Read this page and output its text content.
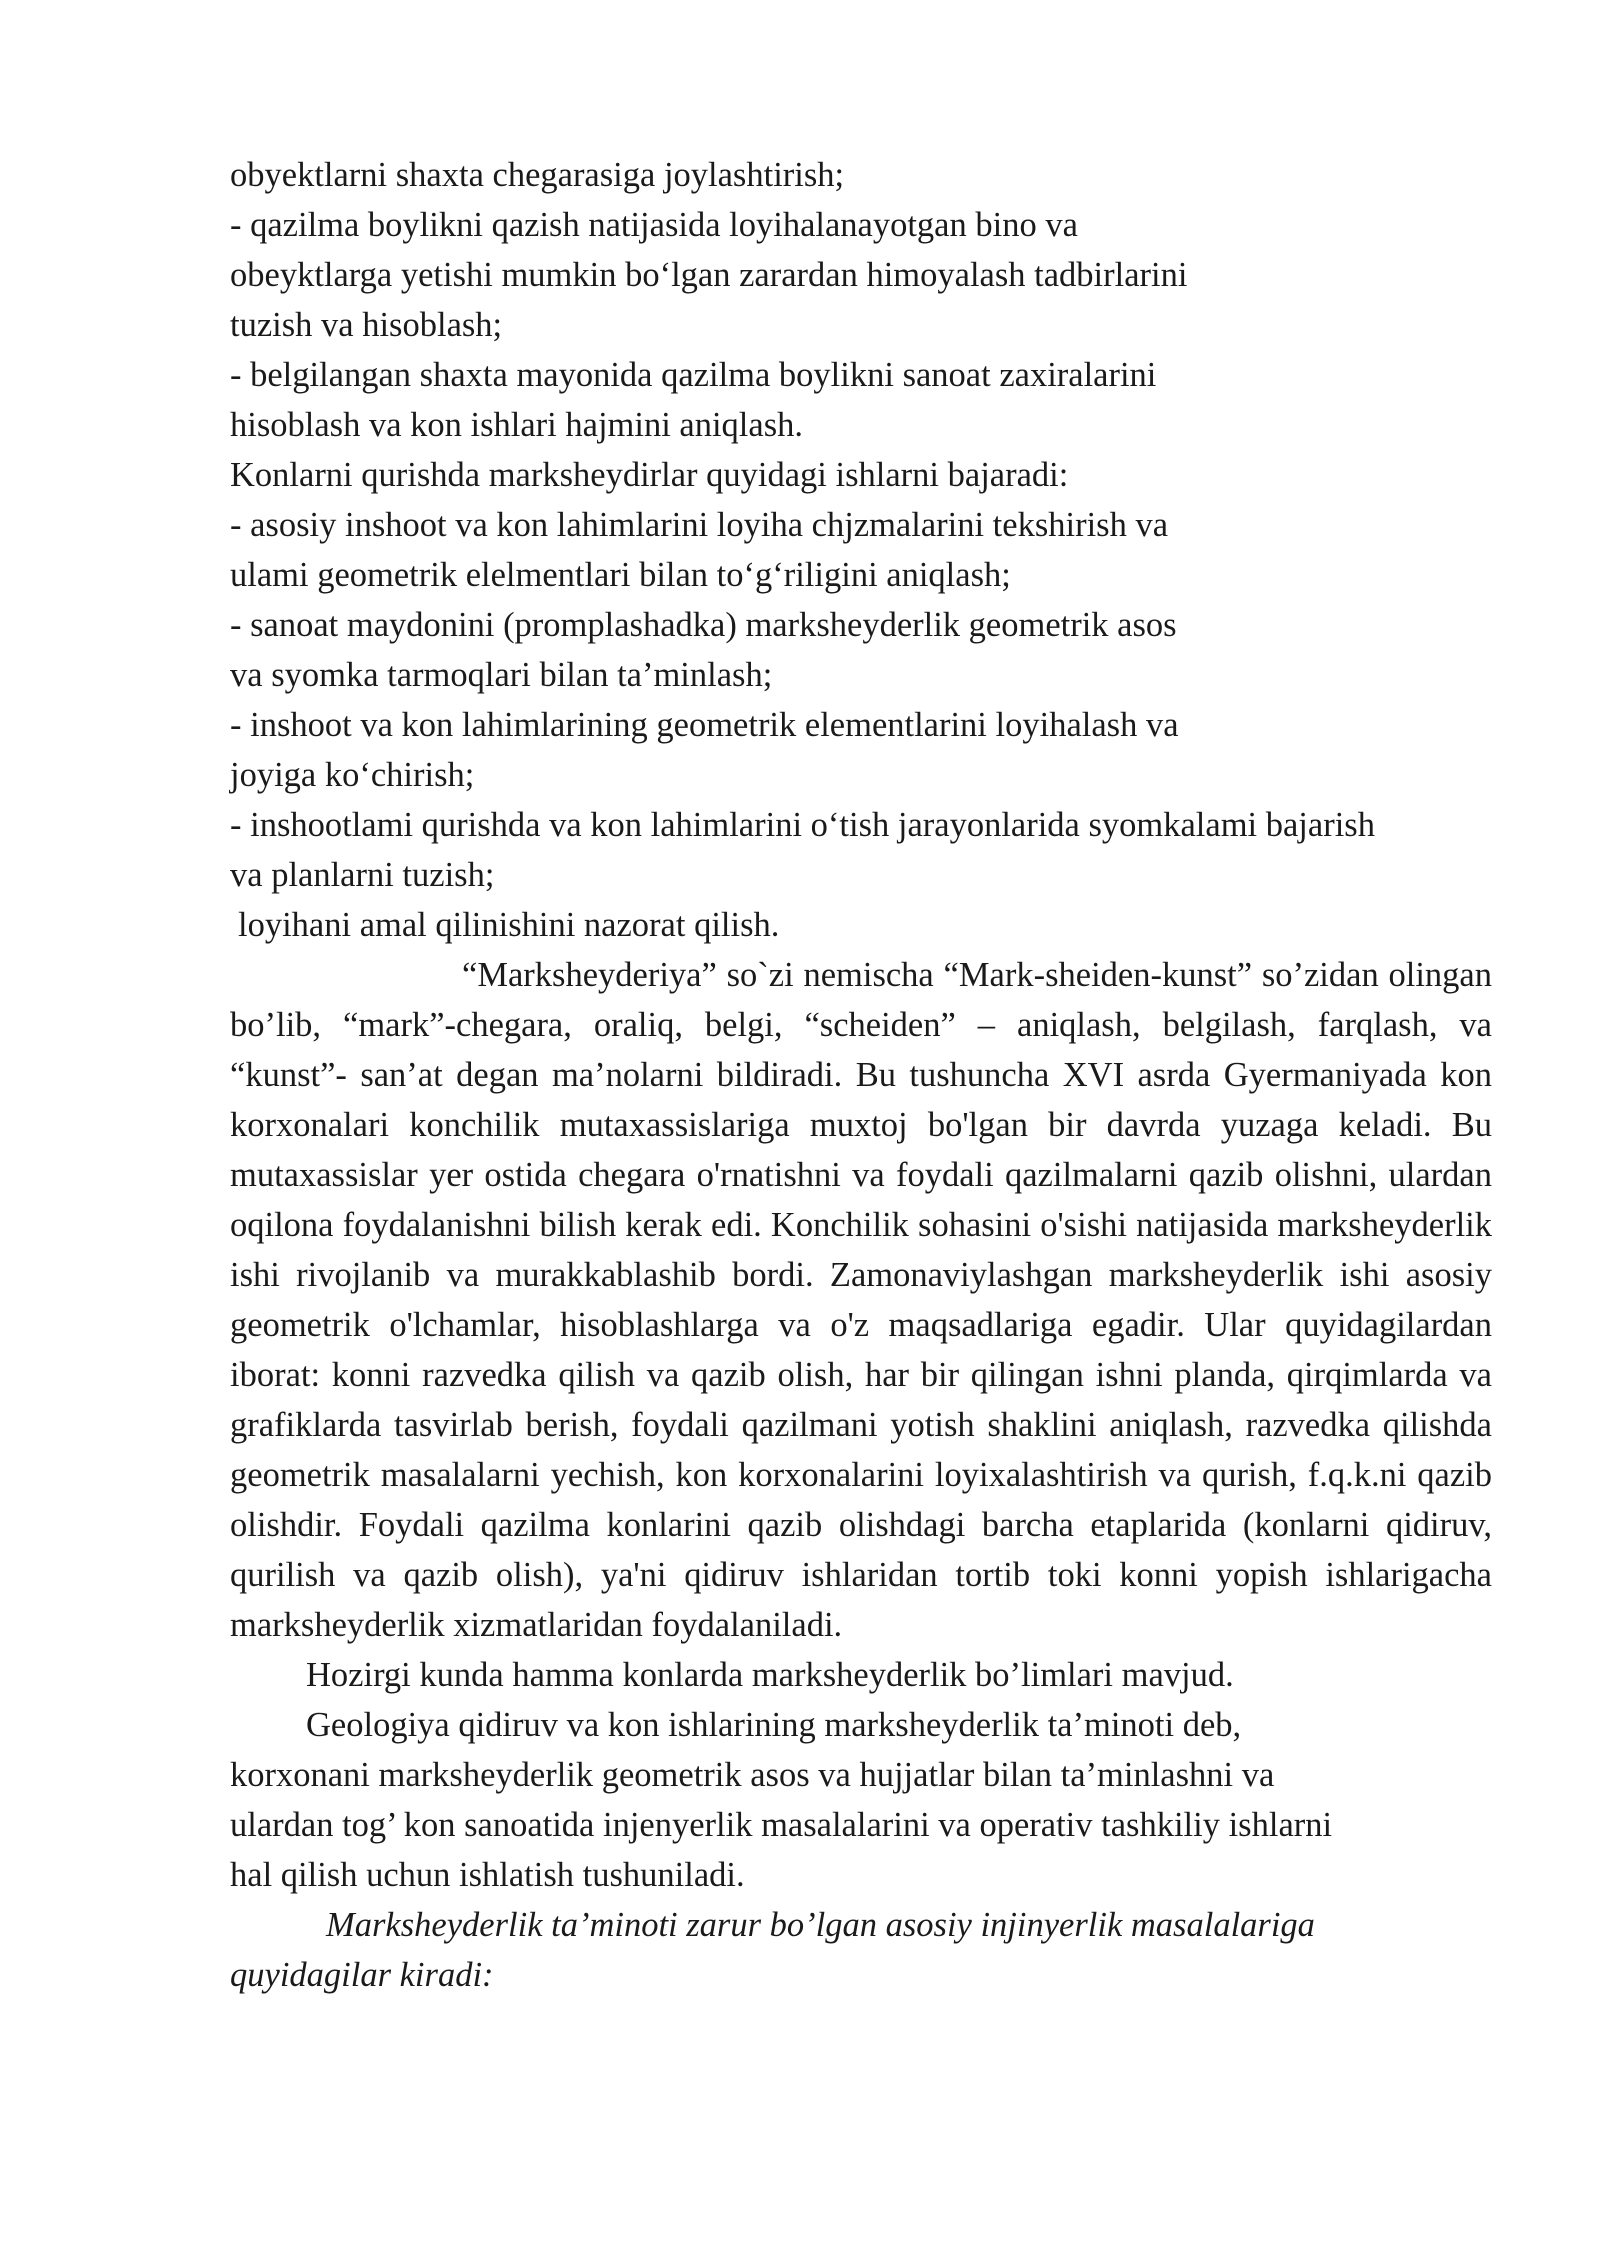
obyektlarni shaxta chegarasiga joylashtirish;
- qazilma boylikni qazish natijasida loyihalanayotgan bino va
obeyktlarga yetishi mumkin bo‘lgan zarardan himoyalash tadbirlarini
tuzish va hisoblash;
- belgilangan shaxta mayonida qazilma boylikni sanoat zaxiralarini
hisoblash va kon ishlari hajmini aniqlash.
Konlarni qurishda marksheydirlar quyidagi ishlarni bajaradi:
- asosiy inshoot va kon lahimlarini loyiha chjzmalarini tekshirish va
ulami geometrik elelmentlari bilan to‘g‘riligini aniqlash;
- sanoat maydonini (promplashadka) marksheyderlik geometrik asos
va syomka tarmoqlari bilan ta’minlash;
- inshoot va kon lahimlarining geometrik elementlarini loyihalash va
joyiga ko‘chirish;
- inshootlami qurishda va kon lahimlarini o‘tish jarayonlarida syomkalami bajarish
va planlarni tuzish;
loyihani amal qilinishini nazorat qilish.

“Marksheyderiya” so`zi nemischa “Mark-sheiden-kunst” so’zidan olingan bo’lib, “mark”-chegara, oraliq, belgi, “scheiden” – aniqlash, belgilash, farqlash, va “kunst”- san’at degan ma’nolarni bildiradi. Bu tushuncha XVI asrda Gyermaniyada kon korxonalari konchilik mutaxassislariga muxtoj bo'lgan bir davrda yuzaga keladi. Bu mutaxassislar yer ostida chegara o'rnatishni va foydali qazilmalarni qazib olishni, ulardan oqilona foydalanishni bilish kerak edi. Konchilik sohasini o'sishi natijasida marksheyderlik ishi rivojlanib va murakkablashib bordi. Zamonaviylashgan marksheyderlik ishi asosiy geometrik o'lchamlar, hisoblashlarga va o'z maqsadlariga egadir. Ular quyidagilardan iborat: konni razvedka qilish va qazib olish, har bir qilingan ishni planda, qirqimlarda va grafiklarda tasvirlab berish, foydali qazilmani yotish shaklini aniqlash, razvedka qilishda geometrik masalalarni yechish, kon korxonalarini loyixalashtirish va qurish, f.q.k.ni qazib olishdir. Foydali qazilma konlarini qazib olishdagi barcha etaplarida (konlarni qidiruv, qurilish va qazib olish), ya'ni qidiruv ishlaridan tortib toki konni yopish ishlarigacha marksheyderlik xizmatlaridan foydalaniladi.

Hozirgi kunda hamma konlarda marksheyderlik bo’limlari mavjud.

Geologiya qidiruv va kon ishlarining marksheyderlik ta’minoti deb,
korxonani marksheyderlik geometrik asos va hujjatlar bilan ta’minlashni va
ulardan tog’ kon sanoatida injenyerlik masalalarini va operativ tashkiliy ishlarni
hal qilish uchun ishlatish tushuniladi.
Marksheyderlik ta’minoti zarur bo’lgan asosiy injinyerlik masalalariga
quyidagilar kiradi:
